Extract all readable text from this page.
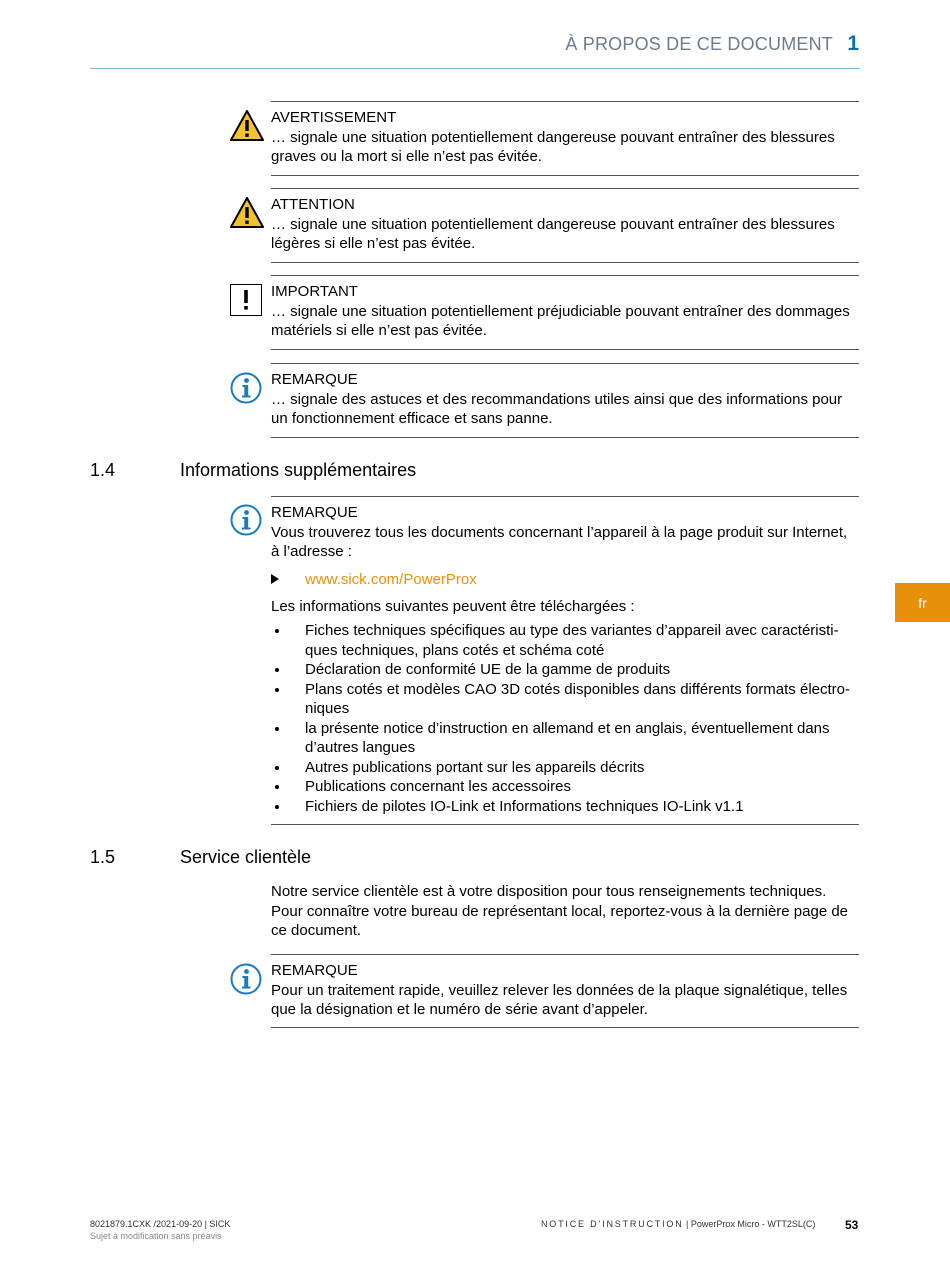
À PROPOS DE CE DOCUMENT 1
AVERTISSEMENT
… signale une situation potentiellement dangereuse pouvant entraîner des blessures graves ou la mort si elle n’est pas évitée.
ATTENTION
… signale une situation potentiellement dangereuse pouvant entraîner des blessures légères si elle n’est pas évitée.
IMPORTANT
… signale une situation potentiellement préjudiciable pouvant entraîner des dommages matériels si elle n’est pas évitée.
REMARQUE
… signale des astuces et des recommandations utiles ainsi que des informations pour un fonctionnement efficace et sans panne.
1.4	Informations supplémentaires
REMARQUE
Vous trouverez tous les documents concernant l’appareil à la page produit sur Internet, à l’adresse :
www.sick.com/PowerProx
Les informations suivantes peuvent être téléchargées :
Fiches techniques spécifiques au type des variantes d’appareil avec caractéristiques techniques, plans cotés et schéma coté
Déclaration de conformité UE de la gamme de produits
Plans cotés et modèles CAO 3D cotés disponibles dans différents formats électroniques
la présente notice d’instruction en allemand et en anglais, éventuellement dans d’autres langues
Autres publications portant sur les appareils décrits
Publications concernant les accessoires
Fichiers de pilotes IO-Link et Informations techniques IO-Link v1.1
1.5	Service clientèle
Notre service clientèle est à votre disposition pour tous renseignements techniques. Pour connaître votre bureau de représentant local, reportez-vous à la dernière page de ce document.
REMARQUE
Pour un traitement rapide, veuillez relever les données de la plaque signalétique, telles que la désignation et le numéro de série avant d’appeler.
fr
8021879.1CXK /2021-09-20 | SICK
Sujet à modification sans préavis
NOTICE D’INSTRUCTION | PowerProx Micro - WTT2SL(C) 53
